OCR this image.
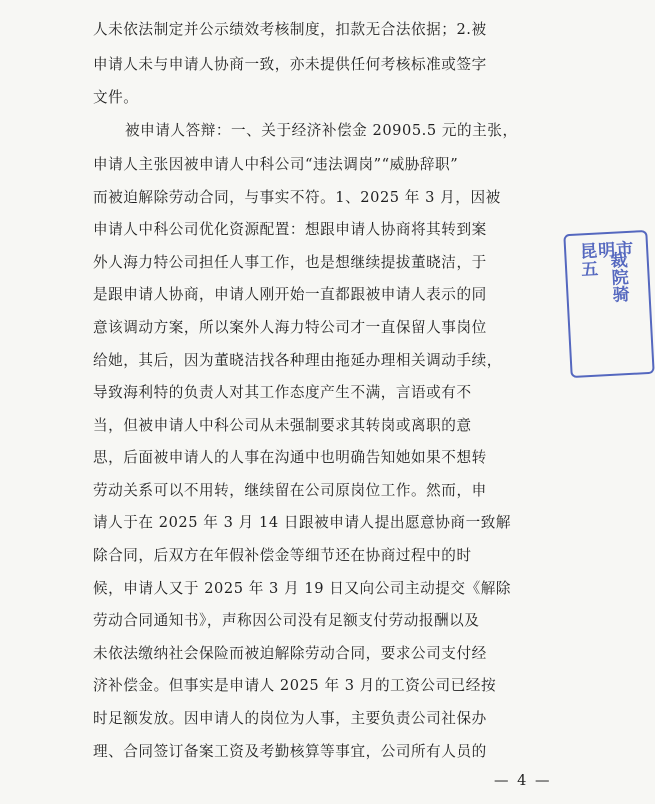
人未依法制定并公示绩效考核制度，扣款无合法依据；2.被

申请人未与申请人协商一致，亦未提供任何考核标准或签字

文件。

被申请人答辩：一、关于经济补偿金 20905.5 元的主张，

申请人主张因被申请人中科公司“违法调岗”“威胁辞职”

而被迫解除劳动合同，与事实不符。1、2025 年 3 月，因被

申请人中科公司优化资源配置：想跟申请人协商将其转到案

外人海力特公司担任人事工作，也是想继续提拔董晓洁，于

是跟申请人协商，申请人刚开始一直都跟被申请人表示的同

意该调动方案，所以案外人海力特公司才一直保留人事岗位

给她，其后，因为董晓洁找各种理由拖延办理相关调动手续，

导致海利特的负责人对其工作态度产生不满，言语或有不

当，但被申请人中科公司从未强制要求其转岗或离职的意

思，后面被申请人的人事在沟通中也明确告知她如果不想转

劳动关系可以不用转，继续留在公司原岗位工作。然而，申

请人于在 2025 年 3 月 14 日跟被申请人提出愿意协商一致解

除合同，后双方在年假补偿金等细节还在协商过程中的时

候，申请人又于 2025 年 3 月 19 日又向公司主动提交《解除

劳动合同通知书》，声称因公司没有足额支付劳动报酬以及

未依法缴纳社会保险而被迫解除劳动合同，要求公司支付经

济补偿金。但事实是申请人 2025 年 3 月的工资公司已经按

时足额发放。因申请人的岗位为人事，主要负责公司社保办

理、合同签订备案工资及考勤核算等事宜，公司所有人员的

昆明市五 裁院骑
— 4 —
